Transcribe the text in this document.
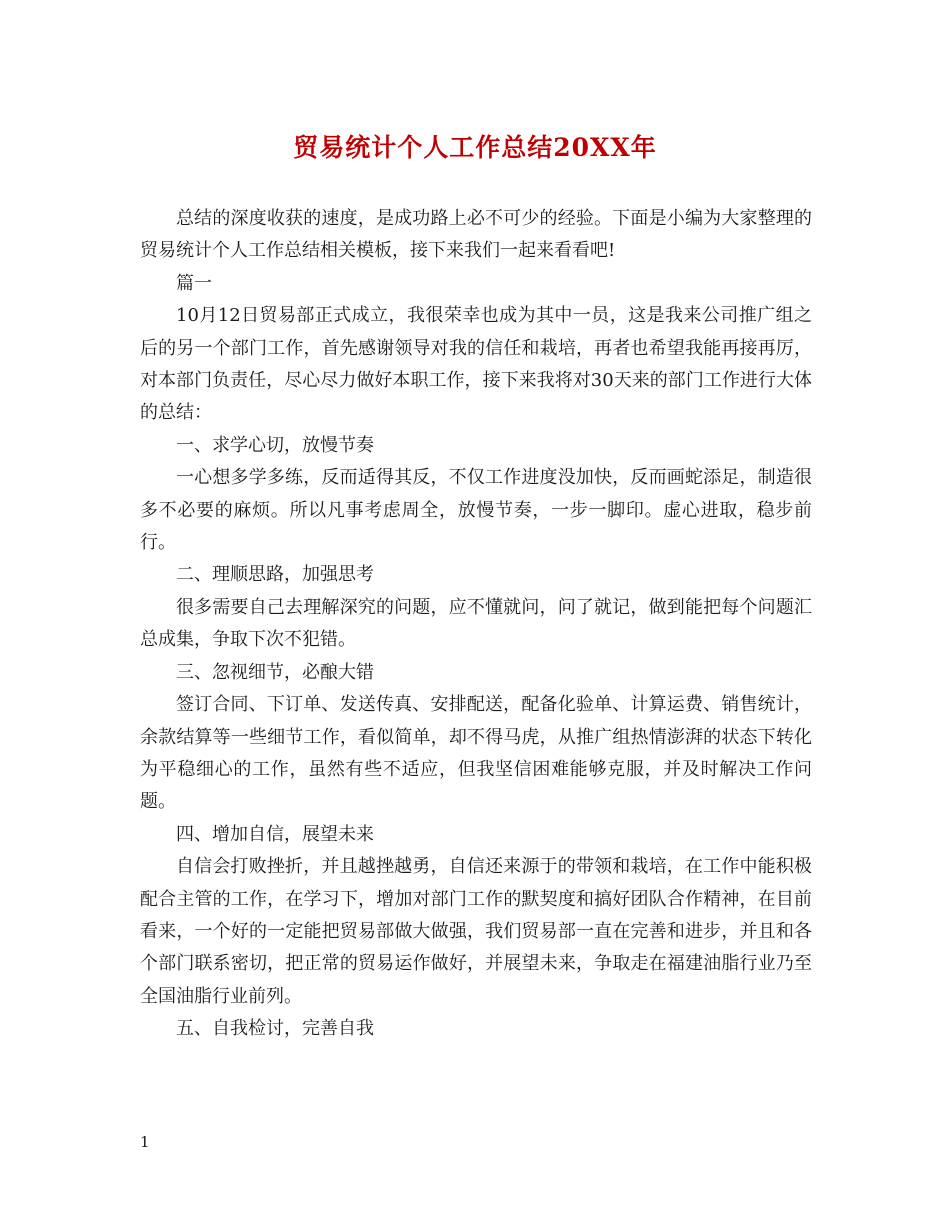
贸易统计个人工作总结20XX年

总结的深度收获的速度，是成功路上必不可少的经验。下面是小编为大家整理的贸易统计个人工作总结相关模板，接下来我们一起来看看吧!

篇一

10月12日贸易部正式成立，我很荣幸也成为其中一员，这是我来公司推广组之后的另一个部门工作，首先感谢领导对我的信任和栽培，再者也希望我能再接再厉，对本部门负责任，尽心尽力做好本职工作，接下来我将对30天来的部门工作进行大体的总结：

一、求学心切，放慢节奏

一心想多学多练，反而适得其反，不仅工作进度没加快，反而画蛇添足，制造很多不必要的麻烦。所以凡事考虑周全，放慢节奏，一步一脚印。虚心进取，稳步前行。

二、理顺思路，加强思考

很多需要自己去理解深究的问题，应不懂就问，问了就记，做到能把每个问题汇总成集，争取下次不犯错。

三、忽视细节，必酿大错

签订合同、下订单、发送传真、安排配送，配备化验单、计算运费、销售统计，余款结算等一些细节工作，看似简单，却不得马虎，从推广组热情澎湃的状态下转化为平稳细心的工作，虽然有些不适应，但我坚信困难能够克服，并及时解决工作问题。

四、增加自信，展望未来

自信会打败挫折，并且越挫越勇，自信还来源于的带领和栽培，在工作中能积极配合主管的工作，在学习下，增加对部门工作的默契度和搞好团队合作精神，在目前看来，一个好的一定能把贸易部做大做强，我们贸易部一直在完善和进步，并且和各个部门联系密切，把正常的贸易运作做好，并展望未来，争取走在福建油脂行业乃至全国油脂行业前列。

五、自我检讨，完善自我

1
